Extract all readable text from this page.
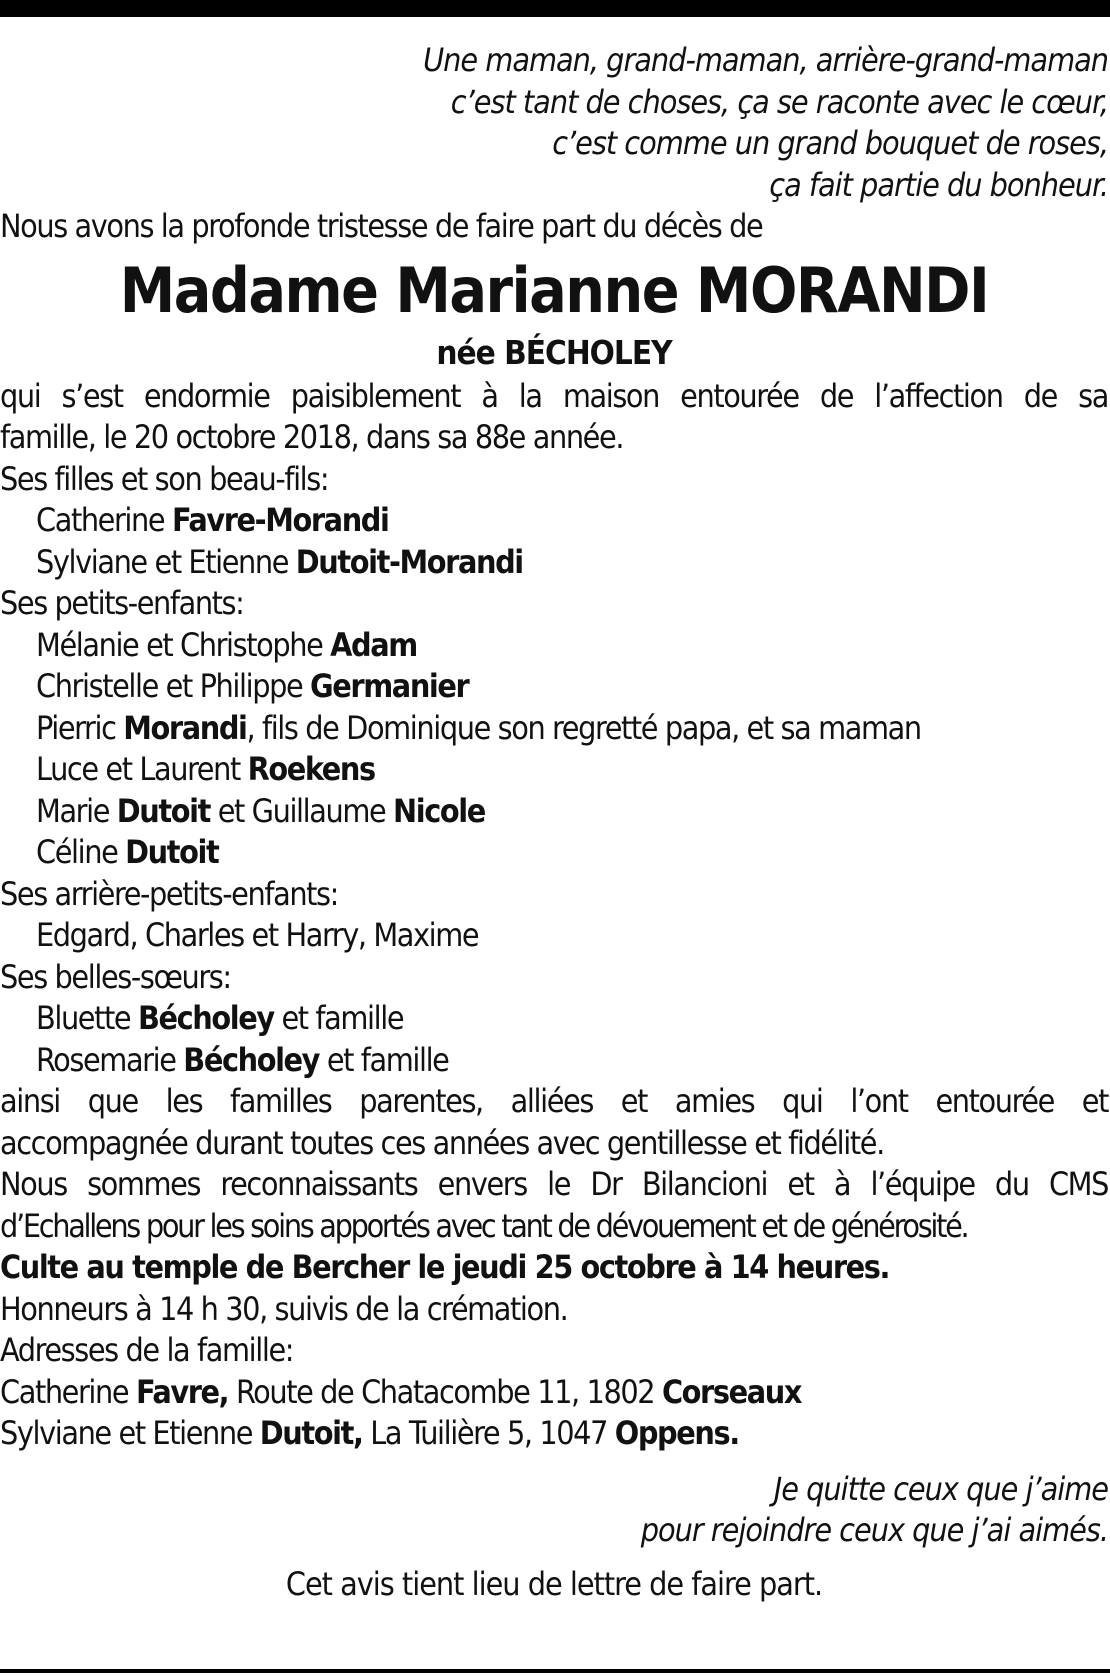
Une maman, grand-maman, arrière-grand-maman
c’est tant de choses, ça se raconte avec le cœur,
c’est comme un grand bouquet de roses,
ça fait partie du bonheur.
Nous avons la profonde tristesse de faire part du décès de
Madame Marianne MORANDI
née BÉCHOLEY
qui s’est endormie paisiblement à la maison entourée de l’affection de sa
famille, le 20 octobre 2018, dans sa 88e année.
Ses filles et son beau-fils:
Catherine Favre-Morandi
Sylviane et Etienne Dutoit-Morandi
Ses petits-enfants:
Mélanie et Christophe Adam
Christelle et Philippe Germanier
Pierric Morandi, fils de Dominique son regretté papa, et sa maman
Luce et Laurent Roekens
Marie Dutoit et Guillaume Nicole
Céline Dutoit
Ses arrière-petits-enfants:
Edgard, Charles et Harry, Maxime
Ses belles-sœurs:
Bluette Bécholey et famille
Rosemarie Bécholey et famille
ainsi que les familles parentes, alliées et amies qui l’ont entourée et
accompagnée durant toutes ces années avec gentillesse et fidélité.
Nous sommes reconnaissants envers le Dr Bilancioni et à l’équipe du CMS
d’Echallens pour les soins apportés avec tant de dévouement et de générosité.
Culte au temple de Bercher le jeudi 25 octobre à 14 heures.
Honneurs à 14 h 30, suivis de la crémation.
Adresses de la famille:
Catherine Favre, Route de Chatacombe 11, 1802 Corseaux
Sylviane et Etienne Dutoit, La Tuilière 5, 1047 Oppens.
Je quitte ceux que j’aime
pour rejoindre ceux que j’ai aimés.
Cet avis tient lieu de lettre de faire part.
